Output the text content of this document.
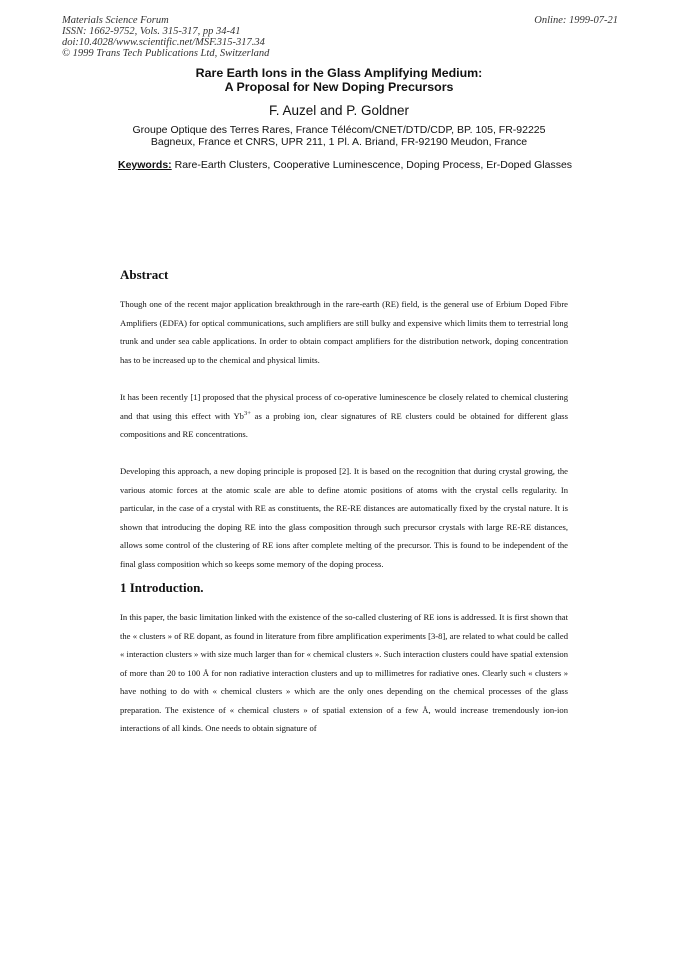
Materials Science Forum
ISSN: 1662-9752, Vols. 315-317, pp 34-41
doi:10.4028/www.scientific.net/MSF.315-317.34
© 1999 Trans Tech Publications Ltd, Switzerland
Online: 1999-07-21
Rare Earth Ions in the Glass Amplifying Medium:
A Proposal for New Doping Precursors
F. Auzel and P. Goldner
Groupe Optique des Terres Rares, France Télécom/CNET/DTD/CDP, BP. 105, FR-92225
Bagneux, France et CNRS, UPR 211, 1 Pl. A. Briand, FR-92190 Meudon, France
Keywords: Rare-Earth Clusters, Cooperative Luminescence, Doping Process, Er-Doped Glasses
Abstract
Though one of the recent major application breakthrough in the rare-earth (RE) field, is the general use of Erbium Doped Fibre Amplifiers (EDFA) for optical communications, such amplifiers are still bulky and expensive which limits them to terrestrial long trunk and under sea cable applications. In order to obtain compact amplifiers for the distribution network, doping concentration has to be increased up to the chemical and physical limits.
It has been recently [1] proposed that the physical process of co-operative luminescence be closely related to chemical clustering and that using this effect with $Yb^{3+}$ as a probing ion, clear signatures of RE clusters could be obtained for different glass compositions and RE concentrations.
Developing this approach, a new doping principle is proposed [2]. It is based on the recognition that during crystal growing, the various atomic forces at the atomic scale are able to define atomic positions of atoms with the crystal cells regularity. In particular, in the case of a crystal with RE as constituents, the RE-RE distances are automatically fixed by the crystal nature. It is shown that introducing the doping RE into the glass composition through such precursor crystals with large RE-RE distances, allows some control of the clustering of RE ions after complete melting of the precursor. This is found to be independent of the final glass composition which so keeps some memory of the doping process.
1 Introduction.
In this paper, the basic limitation linked with the existence of the so-called clustering of RE ions is addressed. It is first shown that the « clusters » of RE dopant, as found in literature from fibre amplification experiments [3-8], are related to what could be called « interaction clusters » with size much larger than for « chemical clusters ». Such interaction clusters could have spatial extension of more than 20 to 100 Å for non radiative interaction clusters and up to millimetres for radiative ones. Clearly such « clusters » have nothing to do with « chemical clusters » which are the only ones depending on the chemical processes of the glass preparation. The existence of « chemical clusters » of spatial extension of a few Å, would increase tremendously ion-ion interactions of all kinds. One needs to obtain signature of
